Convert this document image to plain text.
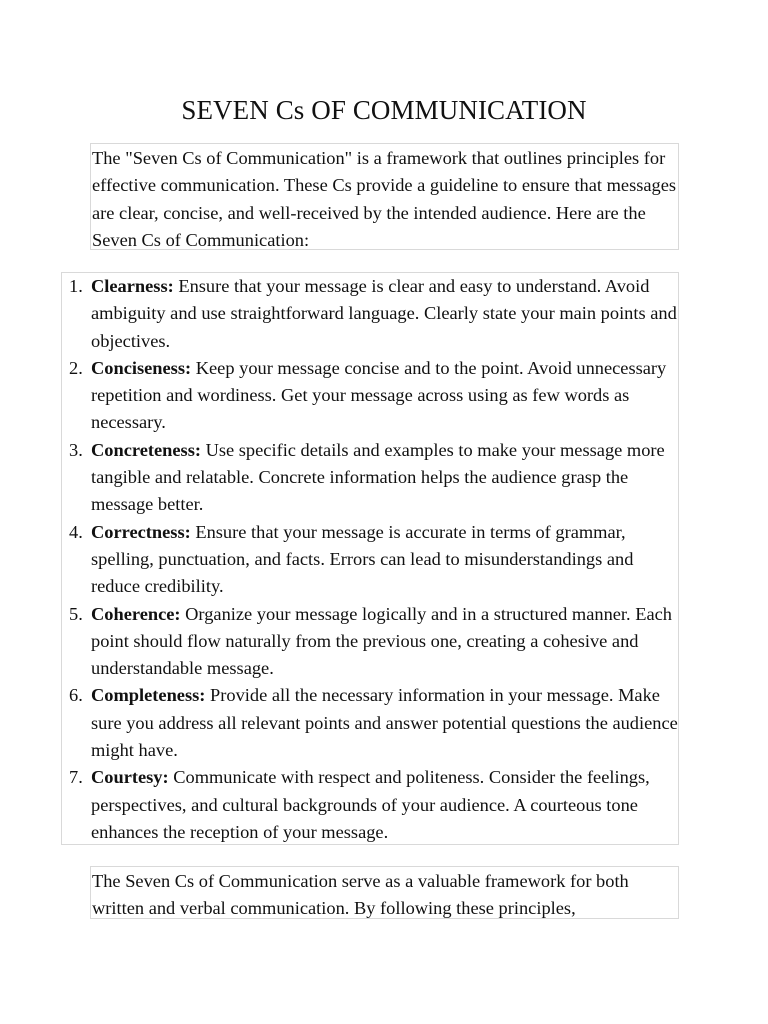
SEVEN Cs OF COMMUNICATION

The "Seven Cs of Communication" is a framework that outlines principles for effective communication. These Cs provide a guideline to ensure that messages are clear, concise, and well-received by the intended audience. Here are the Seven Cs of Communication:

1. Clearness: Ensure that your message is clear and easy to understand. Avoid ambiguity and use straightforward language. Clearly state your main points and objectives.
2. Conciseness: Keep your message concise and to the point. Avoid unnecessary repetition and wordiness. Get your message across using as few words as necessary.
3. Concreteness: Use specific details and examples to make your message more tangible and relatable. Concrete information helps the audience grasp the message better.
4. Correctness: Ensure that your message is accurate in terms of grammar, spelling, punctuation, and facts. Errors can lead to misunderstandings and reduce credibility.
5. Coherence: Organize your message logically and in a structured manner. Each point should flow naturally from the previous one, creating a cohesive and understandable message.
6. Completeness: Provide all the necessary information in your message. Make sure you address all relevant points and answer potential questions the audience might have.
7. Courtesy: Communicate with respect and politeness. Consider the feelings, perspectives, and cultural backgrounds of your audience. A courteous tone enhances the reception of your message.

The Seven Cs of Communication serve as a valuable framework for both written and verbal communication. By following these principles,
